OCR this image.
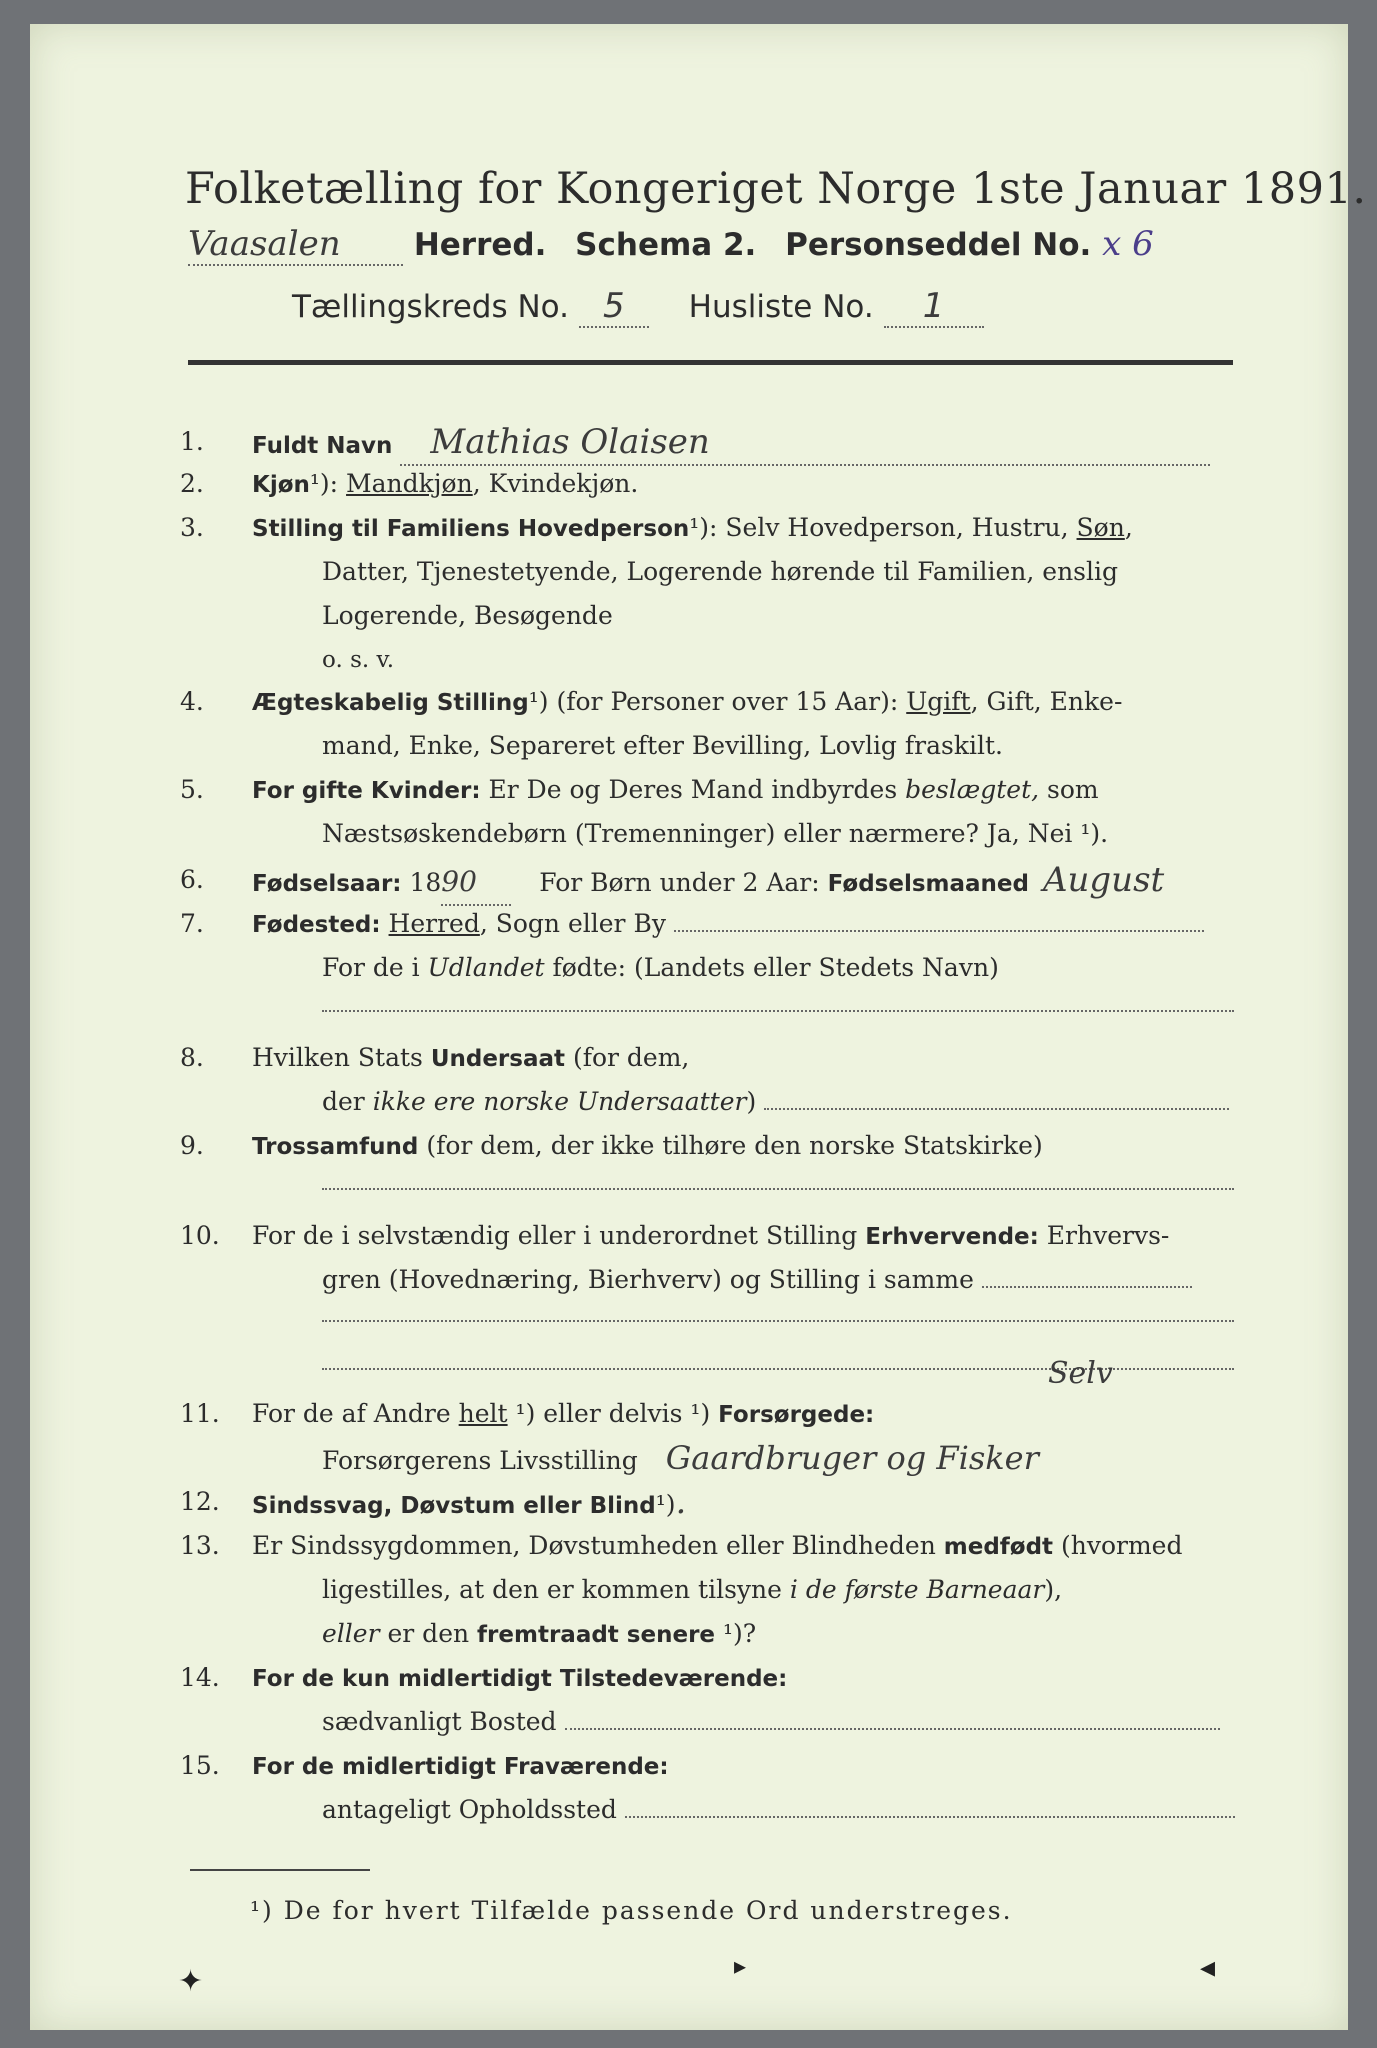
Folketælling for Kongeriget Norge 1ste Januar 1891.
Vaasalen Herred. Schema 2. Personseddel No. x 6
Tællingskreds No. 5 Husliste No. 1
1.	Fuldt Navn Mathias Olaisen
2.	Kjøn¹): Mandkjøn, Kvindekjøn.
3.	Stilling til Familiens Hovedperson¹): Selv Hovedperson, Hustru, Søn,
Datter, Tjenestetyende, Logerende hørende til Familien, enslig
Logerende, Besøgende
o. s. v.
4.	Ægteskabelig Stilling¹) (for Personer over 15 Aar): Ugift, Gift, Enke-
mand, Enke, Separeret efter Bevilling, Lovlig fraskilt.
5.	For gifte Kvinder: Er De og Deres Mand indbyrdes beslægtet, som
Næstsøskendebørn (Tremenninger) eller nærmere? Ja, Nei ¹).
6.	Fødselsaar: 1890 For Børn under 2 Aar: Fødselsmaaned August
7.	Fødested: Herred, Sogn eller By
For de i Udlandet fødte: (Landets eller Stedets Navn)
8.	Hvilken Stats Undersaat (for dem,
der ikke ere norske Undersaatter)
9.	Trossamfund (for dem, der ikke tilhøre den norske Statskirke)
10.	For de i selvstændig eller i underordnet Stilling Erhvervende: Erhvervs-
gren (Hovednæring, Bierhverv) og Stilling i samme
Selv
11.	For de af Andre helt ¹) eller delvis ¹) Forsørgede:
Forsørgerens Livsstilling Gaardbruger og Fisker
12.	Sindssvag, Døvstum eller Blind¹).
13.	Er Sindssygdommen, Døvstumheden eller Blindheden medfødt (hvormed
ligestilles, at den er kommen tilsyne i de første Barneaar),
eller er den fremtraadt senere ¹)?
14.	For de kun midlertidigt Tilstedeværende:
sædvanligt Bosted
15.	For de midlertidigt Fraværende:
antageligt Opholdssted
¹) De for hvert Tilfælde passende Ord understreges.
✦	▸	◂
